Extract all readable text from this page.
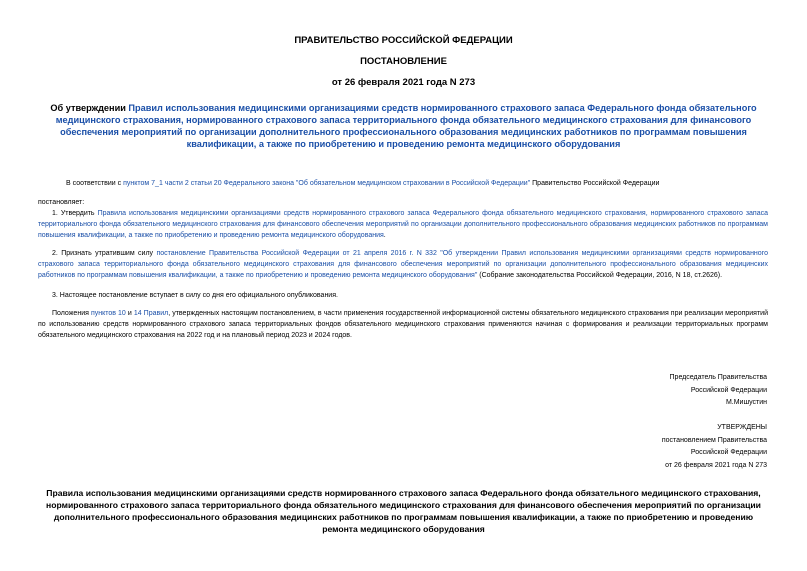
ПРАВИТЕЛЬСТВО РОССИЙСКОЙ ФЕДЕРАЦИИ
ПОСТАНОВЛЕНИЕ
от 26 февраля 2021 года N 273
Об утверждении Правил использования медицинскими организациями средств нормированного страхового запаса Федерального фонда обязательного медицинского страхования, нормированного страхового запаса территориального фонда обязательного медицинского страхования для финансового обеспечения мероприятий по организации дополнительного профессионального образования медицинских работников по программам повышения квалификации, а также по приобретению и проведению ремонта медицинского оборудования
В соответствии с пунктом 7_1 части 2 статьи 20 Федерального закона "Об обязательном медицинском страховании в Российской Федерации" Правительство Российской Федерации
постановляет:
1. Утвердить Правила использования медицинскими организациями средств нормированного страхового запаса Федерального фонда обязательного медицинского страхования, нормированного страхового запаса территориального фонда обязательного медицинского страхования для финансового обеспечения мероприятий по организации дополнительного профессионального образования медицинских работников по программам повышения квалификации, а также по приобретению и проведению ремонта медицинского оборудования.
2. Признать утратившим силу постановление Правительства Российской Федерации от 21 апреля 2016 г. N 332 "Об утверждении Правил использования медицинскими организациями средств нормированного страхового запаса территориального фонда обязательного медицинского страхования для финансового обеспечения мероприятий по организации дополнительного профессионального образования медицинских работников по программам повышения квалификации, а также по приобретению и проведению ремонта медицинского оборудования" (Собрание законодательства Российской Федерации, 2016, N 18, ст.2626).
3. Настоящее постановление вступает в силу со дня его официального опубликования.
Положения пунктов 10 и 14 Правил, утвержденных настоящим постановлением, в части применения государственной информационной системы обязательного медицинского страхования при реализации мероприятий по использованию средств нормированного страхового запаса территориальных фондов обязательного медицинского страхования применяются начиная с формирования и реализации территориальных программ обязательного медицинского страхования на 2022 год и на плановый период 2023 и 2024 годов.
Председатель Правительства
Российской Федерации
М.Мишустин
УТВЕРЖДЕНЫ
постановлением Правительства
Российской Федерации
от 26 февраля 2021 года N 273
Правила использования медицинскими организациями средств нормированного страхового запаса Федерального фонда обязательного медицинского страхования, нормированного страхового запаса территориального фонда обязательного медицинского страхования для финансового обеспечения мероприятий по организации дополнительного профессионального образования медицинских работников по программам повышения квалификации, а также по приобретению и проведению ремонта медицинского оборудования
